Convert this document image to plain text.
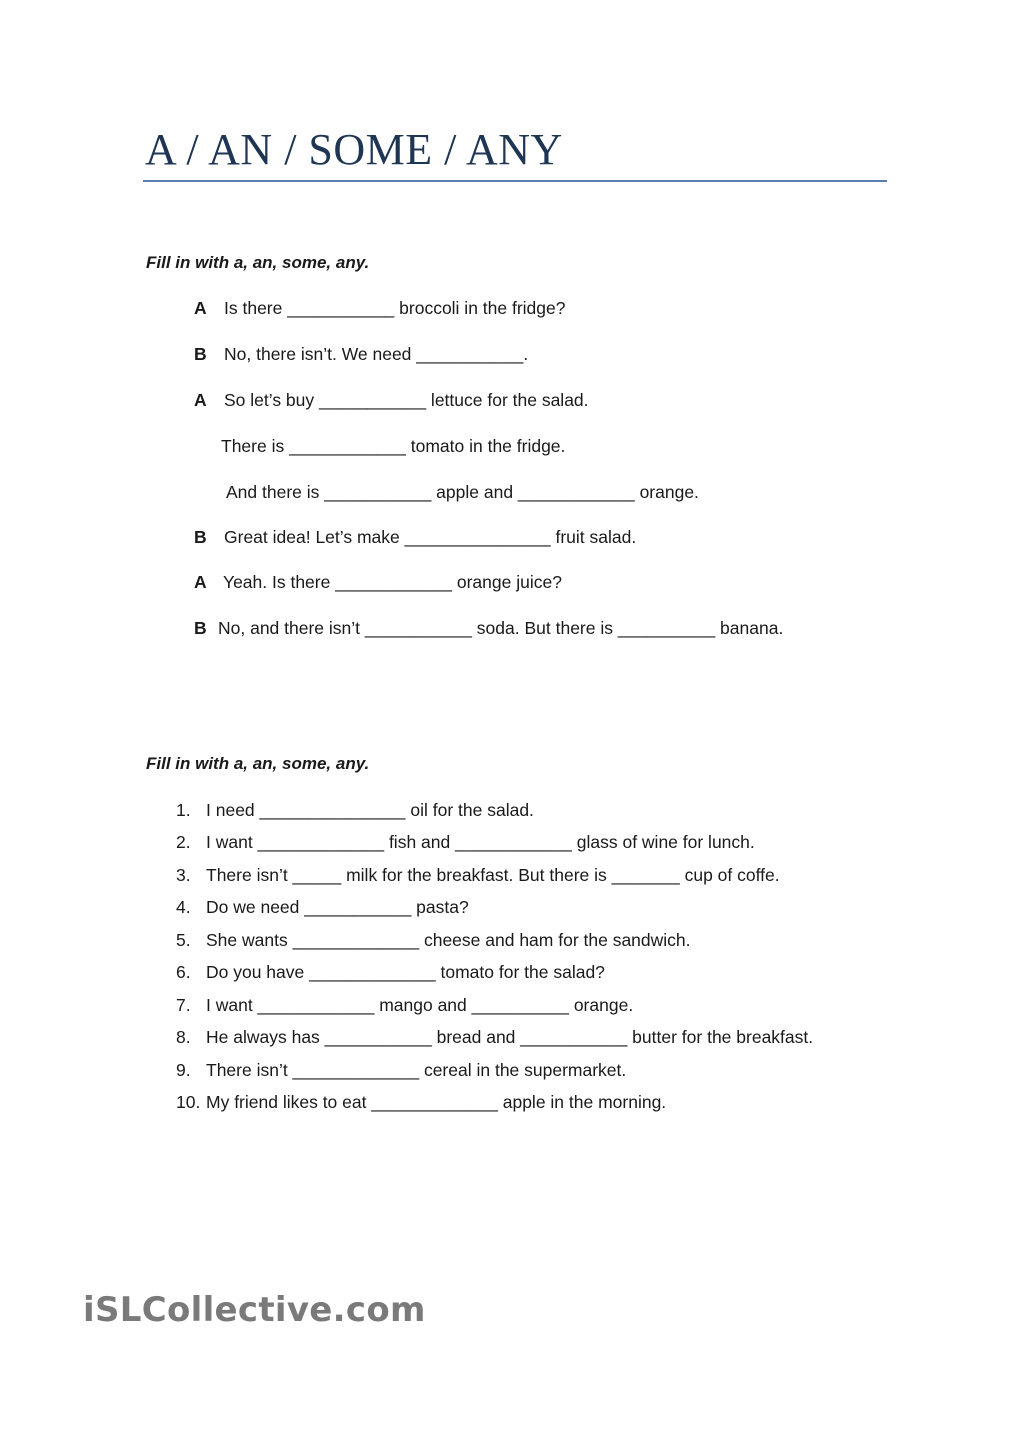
A / AN / SOME / ANY
Fill in with a, an, some, any.
A Is there ___________ broccoli in the fridge?
B No, there isn’t. We need ___________.
A So let’s buy ___________ lettuce for the salad.
There is ____________ tomato in the fridge.
And there is ___________ apple and ____________ orange.
B Great idea! Let’s make _______________ fruit salad.
A Yeah. Is there ____________ orange juice?
B No, and there isn’t ___________ soda. But there is __________ banana.
Fill in with a, an, some, any.
1. I need _______________ oil for the salad.
2. I want _____________ fish and ____________ glass of wine for lunch.
3. There isn’t _____ milk for the breakfast. But there is _______ cup of coffe.
4. Do we need ___________ pasta?
5. She wants _____________ cheese and ham for the sandwich.
6. Do you have _____________ tomato for the salad?
7. I want ____________ mango and __________ orange.
8. He always has ___________ bread and ___________ butter for the breakfast.
9. There isn’t _____________ cereal in the supermarket.
10. My friend likes to eat _____________ apple in the morning.
iSLCollective.com
